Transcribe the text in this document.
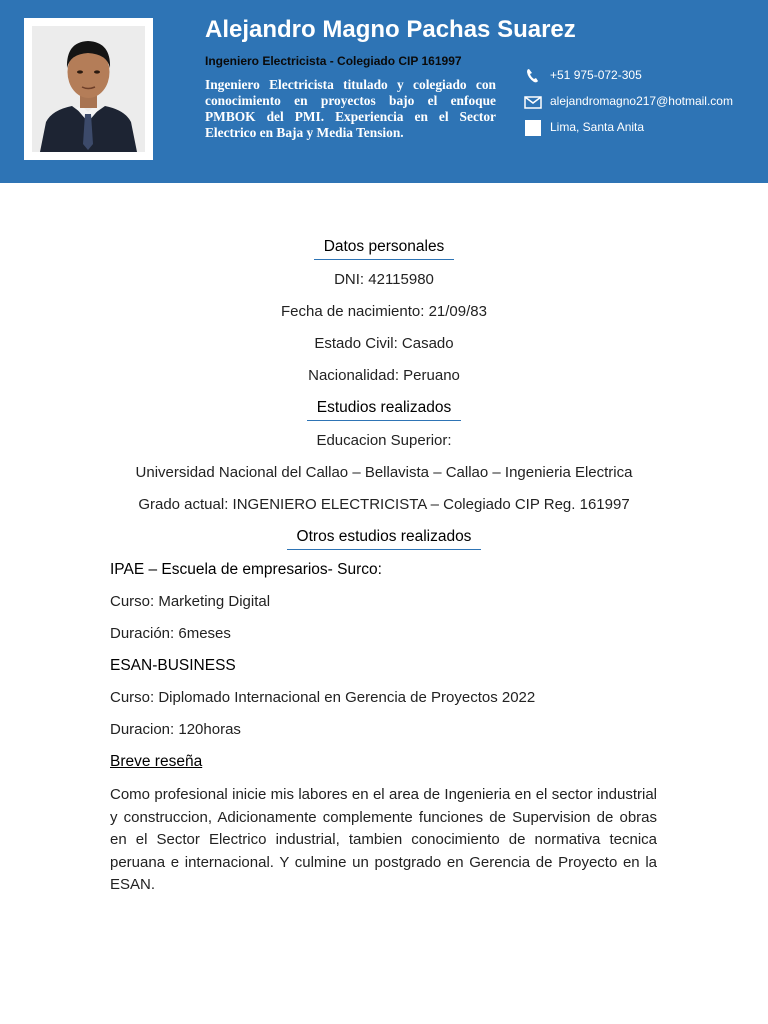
Alejandro Magno Pachas Suarez
Ingeniero Electricista - Colegiado CIP 161997
Ingeniero Electricista titulado y colegiado con conocimiento en proyectos bajo el enfoque PMBOK del PMI. Experiencia en el Sector Electrico en Baja y Media Tension.
+51 975-072-305
alejandromagno217@hotmail.com
Lima, Santa Anita
Datos personales
DNI: 42115980
Fecha de nacimiento: 21/09/83
Estado Civil: Casado
Nacionalidad: Peruano
Estudios realizados
Educacion Superior:
Universidad Nacional del Callao – Bellavista – Callao – Ingenieria Electrica
Grado actual: INGENIERO ELECTRICISTA – Colegiado CIP Reg. 161997
Otros estudios realizados
IPAE – Escuela de empresarios- Surco:
Curso: Marketing Digital
Duración: 6meses
ESAN-BUSINESS
Curso: Diplomado Internacional en Gerencia de Proyectos 2022
Duracion: 120horas
Breve reseña
Como profesional inicie mis labores en el area de Ingenieria en el sector industrial y construccion, Adicionamente complemente funciones de Supervision de obras en el Sector Electrico industrial, tambien conocimiento de normativa tecnica peruana e internacional. Y culmine un postgrado en Gerencia de Proyecto en la ESAN.
